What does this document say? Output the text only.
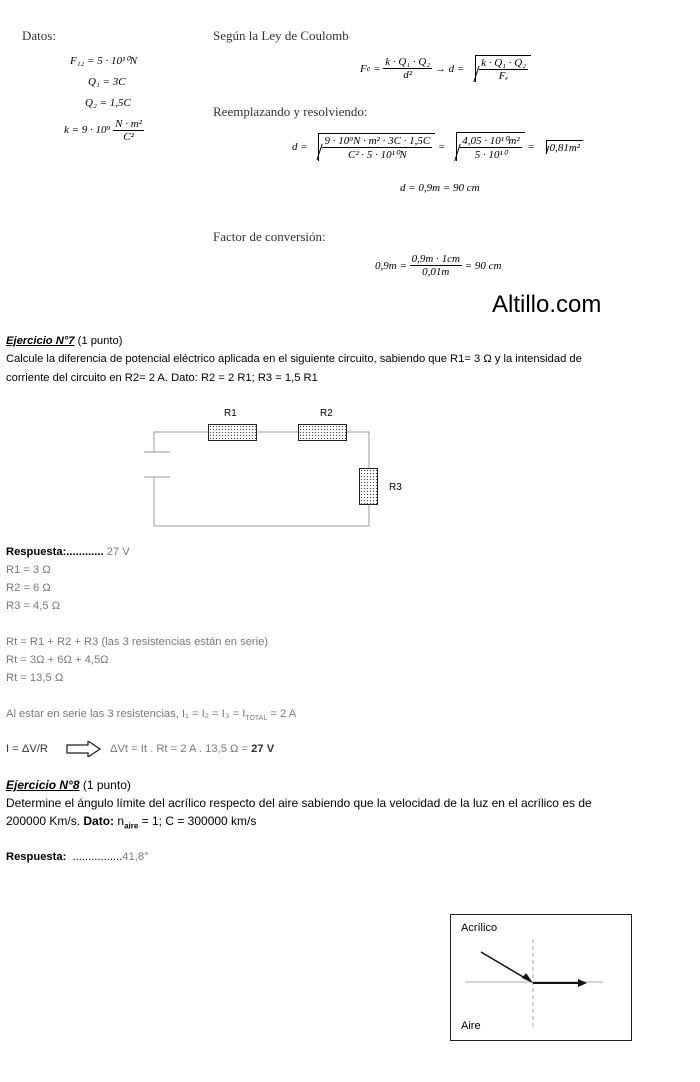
Datos:
F₁₂ = 5 · 10¹⁰N
Q₁ = 3C
Q₂ = 1,5C
$k = 9 \cdot 10^9 \frac{\text{N · m²}}{\text{C²}}$
Según la Ley de Coulomb
F $e = \frac{\text{k · Q₁ · Q₂}}{\text{d²}} \to d = \frac{\text{k · Q₁ · Q₂}}{\text{Fₑ}}$
Reemplazando y resolviendo:
$d = \frac{\text{9 · 10⁹N · m² · 3C · 1,5C}}{\text{C² · 5 · 10¹⁰N}} = \frac{\text{4,05 · 10¹⁰m²}}{\text{5 · 10¹⁰}}$ =	0,81m²
d = 0,9m = 90 cm
Factor de conversión:
$0,9m = \frac{0,9m \cdot 1cm}{0,01m} = 90$ cm
Altillo.com
Ejercicio N°7 (1 punto)
Calcule la diferencia de potencial eléctrico aplicada en el siguiente circuito, sabiendo que R1= 3 Ω y la intensidad de
corriente del circuito en R2= 2 A. Dato: R2 = 2 R1; R3 = 1,5 R1
R1	R2
R3
Respuesta:............ 27 V
R1 = 3 Ω
R2 = 6 Ω
R3 = 4,5 Ω
Rt = R1 + R2 + R3 (las 3 resistencias están en serie)
Rt = 3Ω + 6Ω + 4,5Ω
Rt = 13,5 Ω
Al estar en serie las 3 resistencias, $I_1 = I_2 = I_3 = I_{TOTAL} = 2$ A
I = ΔV/R	ΔVt = It . Rt = 2 A . 13,5 Ω = 27 V
Ejercicio N°8 (1 punto)
Determine el ángulo límite del acrílico respecto del aire sabiendo que la velocidad de la luz en el acrílico es de
200000 Km/s. Dato: $n_{aire} = 1$; C = 300000 km/s
Respuesta:  ................41,8°
Acrílico
Aire
